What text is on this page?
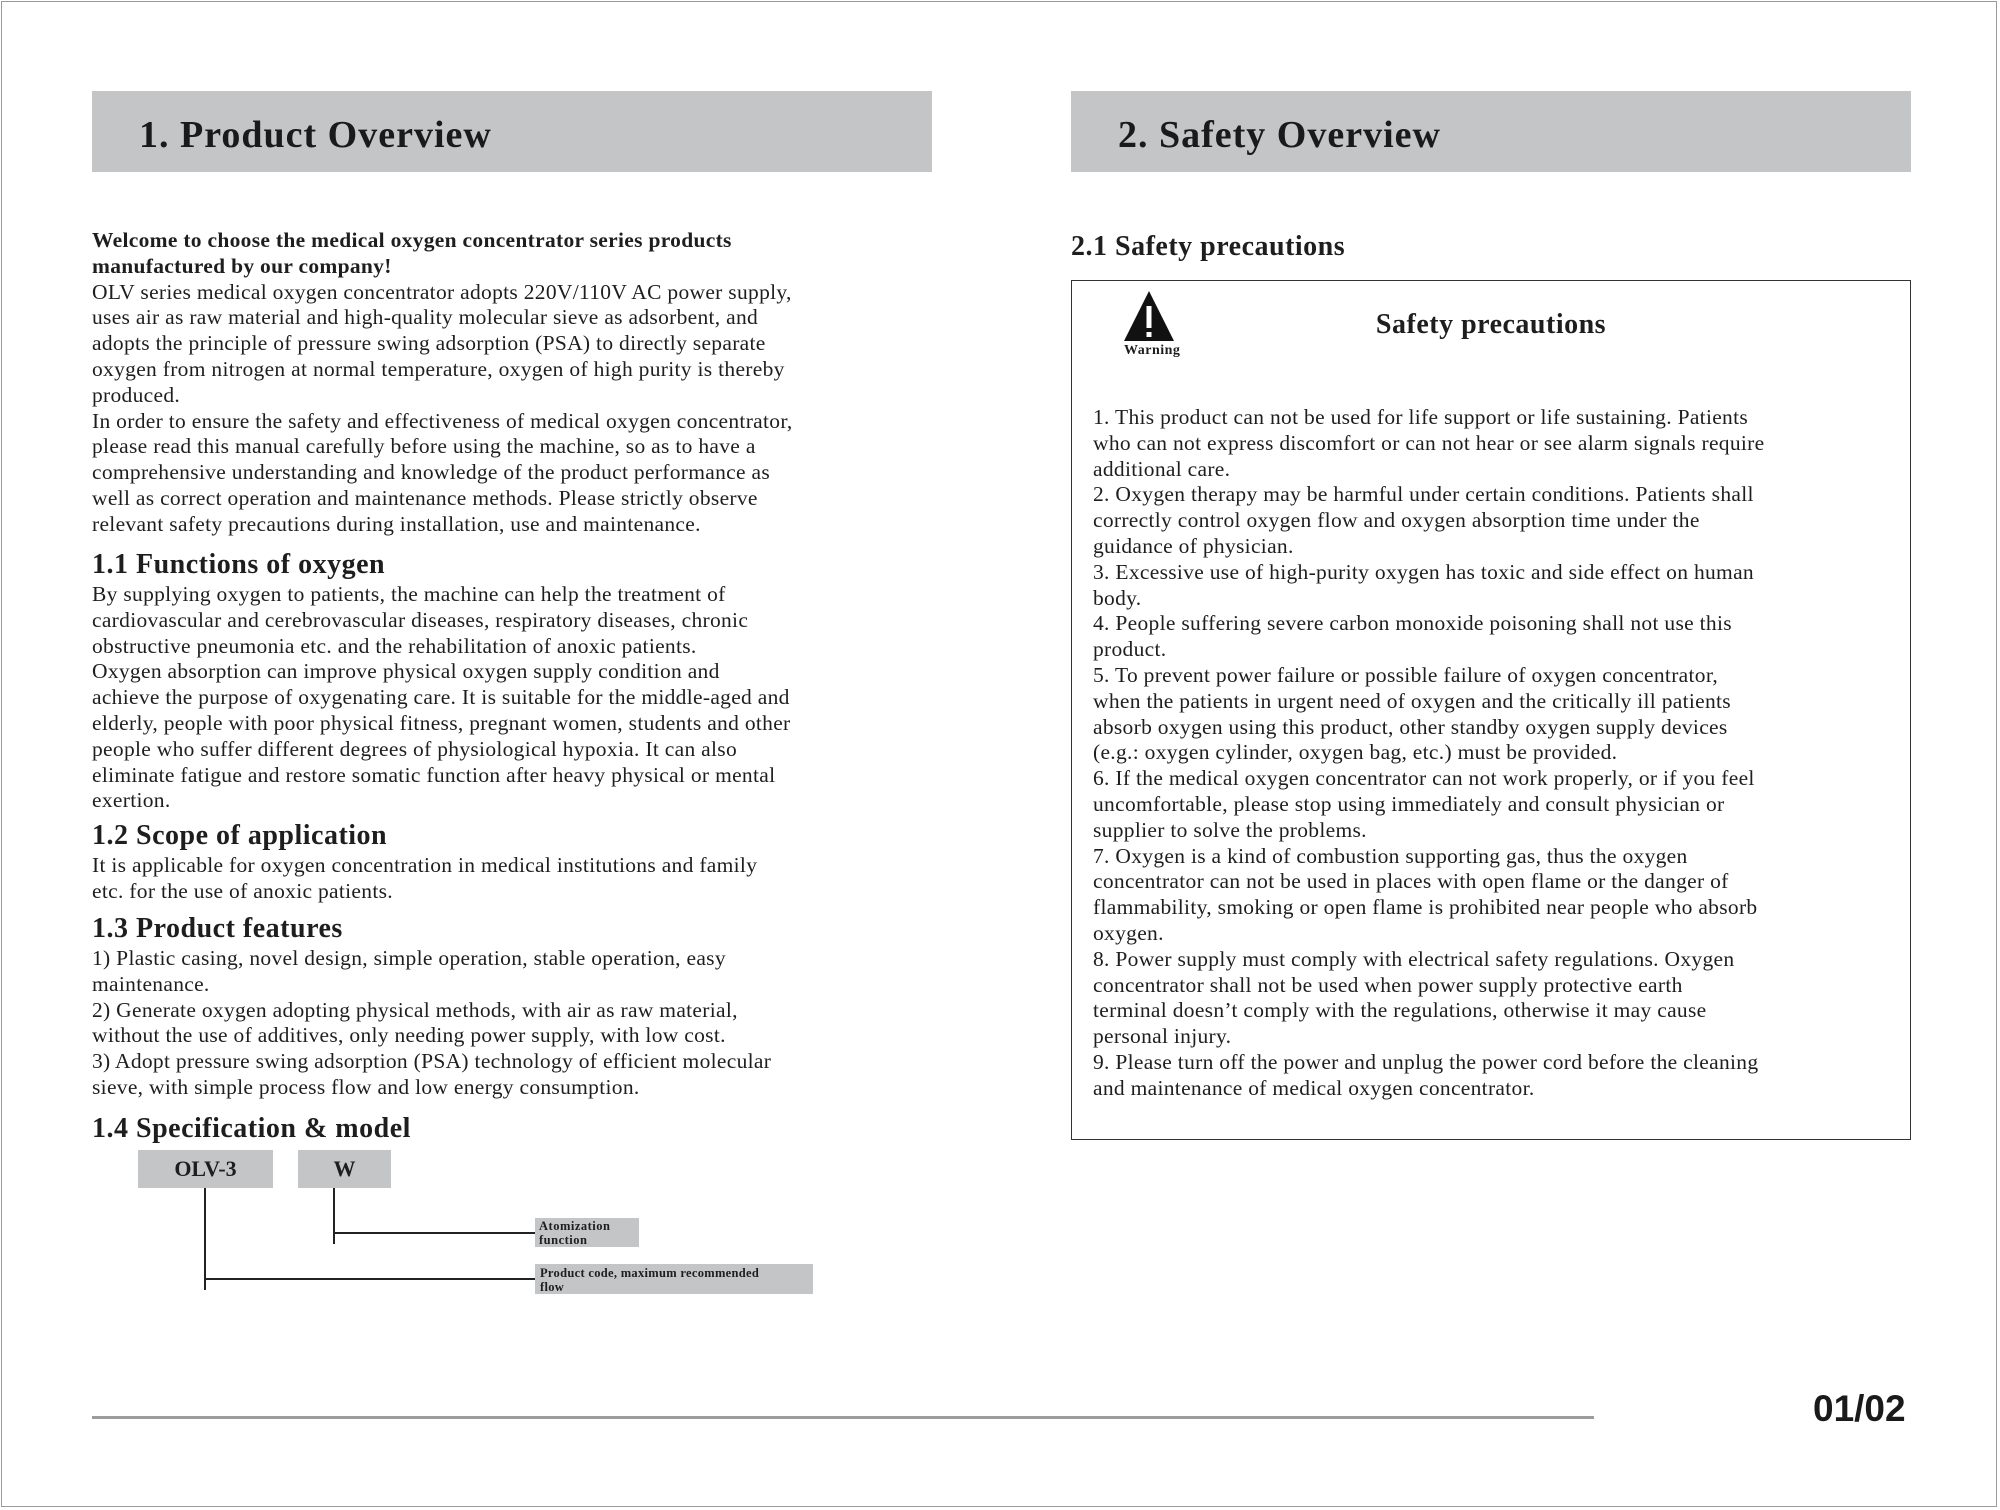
1. Product Overview

Welcome to choose the medical oxygen concentrator series products

manufactured by our company!

OLV series medical oxygen concentrator adopts 220V/110V AC power supply,

uses air as raw material and high-quality molecular sieve as adsorbent, and

adopts the principle of pressure swing adsorption (PSA) to directly separate

oxygen from nitrogen at normal temperature, oxygen of high purity is thereby

produced.

In order to ensure the safety and effectiveness of medical oxygen concentrator,

please read this manual carefully before using the machine, so as to have a

comprehensive understanding and knowledge of the product performance as

well as correct operation and maintenance methods. Please strictly observe

relevant safety precautions during installation, use and maintenance.

1.1 Functions of oxygen

By supplying oxygen to patients, the machine can help the treatment of

cardiovascular and cerebrovascular diseases, respiratory diseases, chronic

obstructive pneumonia etc. and the rehabilitation of anoxic patients.

Oxygen absorption can improve physical oxygen supply condition and

achieve the purpose of oxygenating care. It is suitable for the middle-aged and

elderly, people with poor physical fitness, pregnant women, students and other

people who suffer different degrees of physiological hypoxia. It can also

eliminate fatigue and restore somatic function after heavy physical or mental

exertion.

1.2 Scope of application

It is applicable for oxygen concentration in medical institutions and family

etc. for the use of anoxic patients.

1.3 Product features

1) Plastic casing, novel design, simple operation, stable operation, easy

maintenance.

2) Generate oxygen adopting physical methods, with air as raw material,

without the use of additives, only needing power supply, with low cost.

3) Adopt pressure swing adsorption (PSA) technology of efficient molecular

sieve, with simple process flow and low energy consumption.

1.4 Specification & model

OLV-3	W
Atomization
function
Product code, maximum recommended
flow
2. Safety Overview

2.1 Safety precautions

Warning
Safety precautions

1. This product can not be used for life support or life sustaining. Patients

who can not express discomfort or can not hear or see alarm signals require

additional care.

2. Oxygen therapy may be harmful under certain conditions. Patients shall

correctly control oxygen flow and oxygen absorption time under the

guidance of physician.

3. Excessive use of high-purity oxygen has toxic and side effect on human

body.

4. People suffering severe carbon monoxide poisoning shall not use this

product.

5. To prevent power failure or possible failure of oxygen concentrator,

when the patients in urgent need of oxygen and the critically ill patients

absorb oxygen using this product, other standby oxygen supply devices

(e.g.: oxygen cylinder, oxygen bag, etc.) must be provided.

6. If the medical oxygen concentrator can not work properly, or if you feel

uncomfortable, please stop using immediately and consult physician or

supplier to solve the problems.

7. Oxygen is a kind of combustion supporting gas, thus the oxygen

concentrator can not be used in places with open flame or the danger of

flammability, smoking or open flame is prohibited near people who absorb

oxygen.

8. Power supply must comply with electrical safety regulations. Oxygen

concentrator shall not be used when power supply protective earth

terminal doesn’t comply with the regulations, otherwise it may cause

personal injury.

9. Please turn off the power and unplug the power cord before the cleaning

and maintenance of medical oxygen concentrator.

01/02
